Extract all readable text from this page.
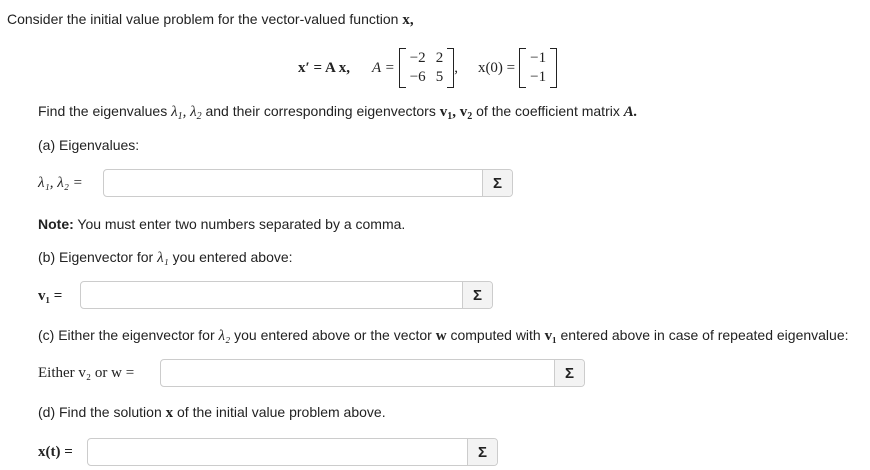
Consider the initial value problem for the vector-valued function x,
x′ = A x, A =
−2 2
−6 5
, x(0) =
−1
−1
Find the eigenvalues $\lambda_1$, $\lambda_2$ and their corresponding eigenvectors $v_1$, $v_2$ of the coefficient matrix A.
(a) Eigenvalues:
λ₁, λ₂ =	Σ
Note: You must enter two numbers separated by a comma.
(b) Eigenvector for λ₁ you entered above:
v₁ =	Σ
(c) Either the eigenvector for λ₂ you entered above or the vector w computed with v₁ entered above in case of repeated eigenvalue:
Either v₂ or w =	Σ
(d) Find the solution x of the initial value problem above.
x(t) =	Σ
